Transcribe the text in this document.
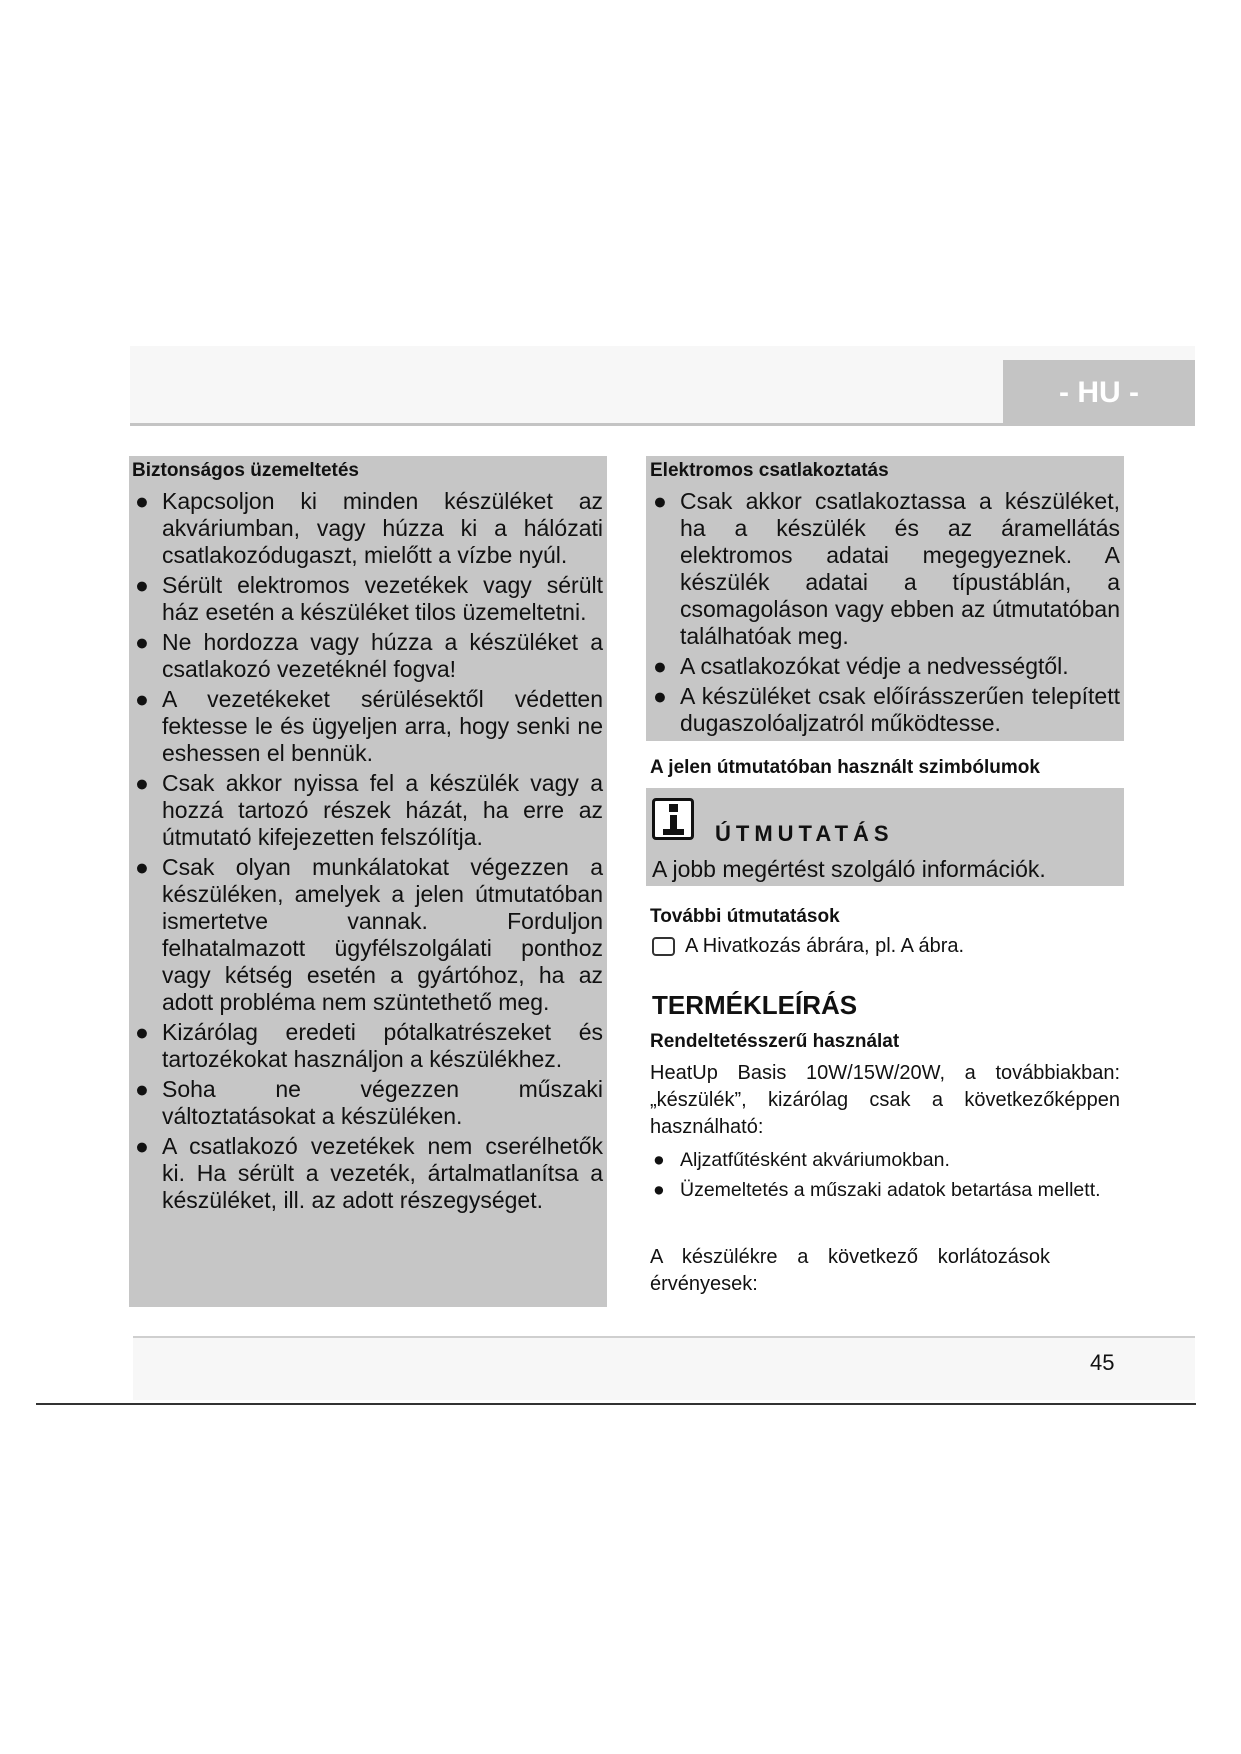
- HU -
Biztonságos üzemeltetés
● Kapcsoljon ki minden készüléket az akváriumban, vagy húzza ki a hálózati csatlakozódugaszt, mielőtt a vízbe nyúl.
● Sérült elektromos vezetékek vagy sérült ház esetén a készüléket tilos üzemeltetni.
● Ne hordozza vagy húzza a készüléket a csatlakozó vezetéknél fogva!
● A vezetékeket sérülésektől védetten fektesse le és ügyeljen arra, hogy senki ne eshessen el bennük.
● Csak akkor nyissa fel a készülék vagy a hozzá tartozó részek házát, ha erre az útmutató kifejezetten felszólítja.
● Csak olyan munkálatokat végezzen a készüléken, amelyek a jelen útmutatóban ismertetve vannak. Forduljon felhatalmazott ügyfélszolgálati ponthoz vagy kétség esetén a gyártóhoz, ha az adott probléma nem szüntethető meg.
● Kizárólag eredeti pótalkatrészeket és tartozékokat használjon a készülékhez.
● Soha ne végezzen műszaki változtatásokat a készüléken.
● A csatlakozó vezetékek nem cserélhetők ki. Ha sérült a vezeték, ártalmatlanítsa a készüléket, ill. az adott részegységet.
Elektromos csatlakoztatás
● Csak akkor csatlakoztassa a készüléket, ha a készülék és az áramellátás elektromos adatai megegyeznek. A készülék adatai a típustáblán, a csomagoláson vagy ebben az útmutatóban találhatóak meg.
● A csatlakozókat védje a nedvességtől.
● A készüléket csak előírásszerűen telepített dugaszolóaljzatról működtesse.
A jelen útmutatóban használt szimbólumok
ÚTMUTATÁS
A jobb megértést szolgáló információk.
További útmutatások
A Hivatkozás ábrára, pl. A ábra.
TERMÉKLEÍRÁS
Rendeltetésszerű használat
HeatUp Basis 10W/15W/20W, a továbbiakban: „készülék”, kizárólag csak a következőképpen használható:
● Aljzatfűtésként akváriumokban.
● Üzemeltetés a műszaki adatok betartása mellett.
A készülékre a következő korlátozások érvényesek:
45
